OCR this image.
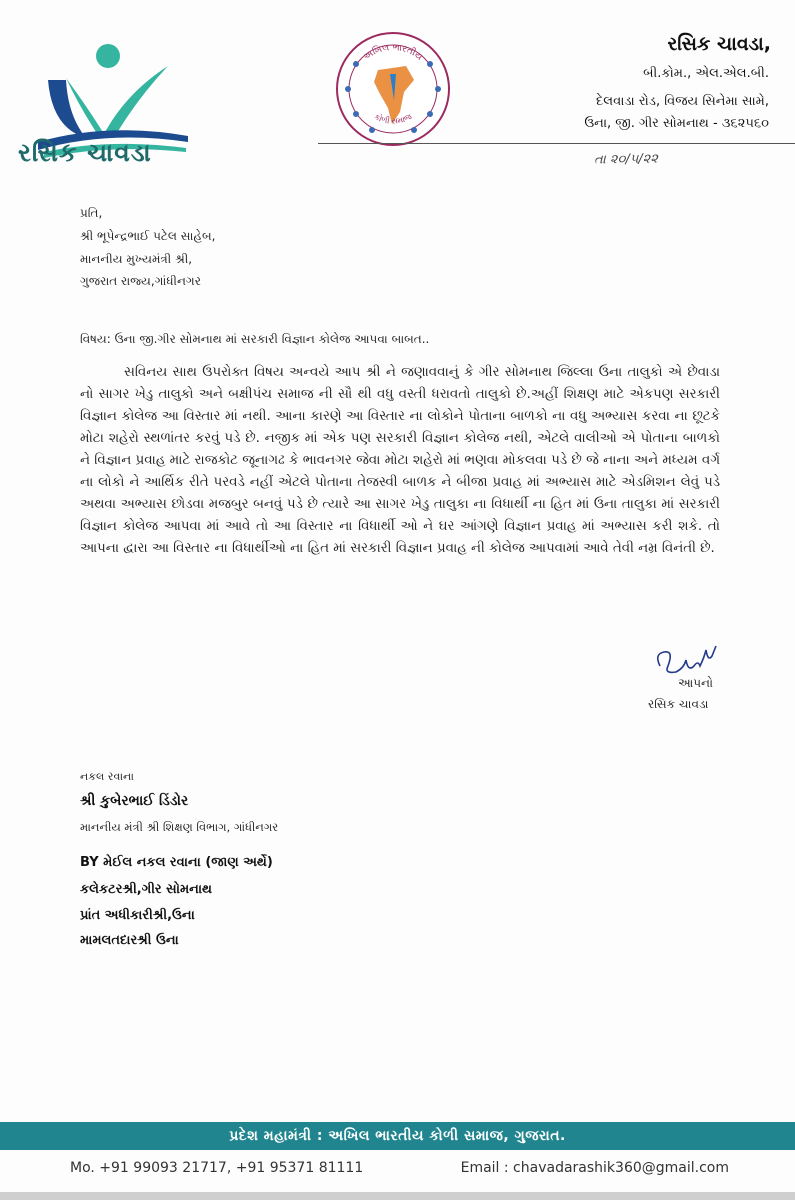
રસિક ચાવડા
અખિલ ભારતીય
કોળી સમાજ
રસિક ચાવડા,
બી.કોમ., એલ.એલ.બી.
દેલવાડા રોડ, વિજય સિનેમા સામે,
ઉના, જી. ગીર સોમનાથ - ૩૬૨૫૬૦
તા ૨૦/૫/૨૨
પ્રતિ,
શ્રી ભૂપેન્દ્રભાઈ પટેલ સાહેબ,
માનનીય મુખ્યમંત્રી શ્રી,
ગુજરાત રાજ્ય,ગાંધીનગર
વિષય: ઉના જી.ગીર સોમનાથ માં સરકારી વિજ્ઞાન કોલેજ આપવા બાબત..
સવિનય સાથ ઉપરોક્ત વિષય અન્વયે આપ શ્રી ને જણાવવાનું કે ગીર સોમનાથ જિલ્લા ઉના તાલુકો એ છેવાડા નો સાગર ખેડુ તાલુકો અને બક્ષીપંચ સમાજ ની સૌ થી વધુ વસ્તી ધરાવતો તાલુકો છે.અહીં શિક્ષણ માટે એકપણ સરકારી વિજ્ઞાન કોલેજ આ વિસ્તાર માં નથી. આના કારણે આ વિસ્તાર ના લોકોને પોતાના બાળકો ના વધુ અભ્યાસ કરવા ના છૂટકે મોટા શહેરો સ્થળાંતર કરવું પડે છે. નજીક માં એક પણ સરકારી વિજ્ઞાન કોલેજ નથી, એટલે વાલીઓ એ પોતાના બાળકો ને વિજ્ઞાન પ્રવાહ માટે રાજકોટ જૂનાગઢ કે ભાવનગર જેવા મોટા શહેરો માં ભણવા મોકલવા પડે છે જે નાના અને મધ્યમ વર્ગ ના લોકો ને આર્થિક રીતે પરવડે નહીં એટલે પોતાના તેજસ્વી બાળક ને બીજા પ્રવાહ માં અભ્યાસ માટે એડમિશન લેવું પડે અથવા અભ્યાસ છોડવા મજબુર બનવું પડે છે ત્યારે આ સાગર ખેડુ તાલુકા ના વિધાર્થી ના હિત માં ઉના તાલુકા માં સરકારી વિજ્ઞાન કોલેજ આપવા માં આવે તો આ વિસ્તાર ના વિધાર્થી ઓ ને ઘર આંગણે વિજ્ઞાન પ્રવાહ માં અભ્યાસ કરી શકે. તો આપના દ્વારા આ વિસ્તાર ના વિધાર્થીઓ ના હિત માં સરકારી વિજ્ઞાન પ્રવાહ ની કોલેજ આપવામાં આવે તેવી નમ્ર વિનંતી છે.
આપનો
રસિક ચાવડા
નકલ રવાના
શ્રી કુબેરભાઈ ડિંડોર
માનનીય મંત્રી શ્રી શિક્ષણ વિભાગ, ગાંધીનગર
BY મેઈલ નકલ રવાના (જાણ અર્થે)
કલેકટરશ્રી,ગીર સોમનાથ
પ્રાંત અધીકારીશ્રી,ઉના
મામલતદારશ્રી ઉના
પ્રદેશ મહામંત્રી : અખિલ ભારતીય કોળી સમાજ, ગુજરાત.
Mo. +91 99093 21717, +91 95371 81111	Email : chavadarashik360@gmail.com
